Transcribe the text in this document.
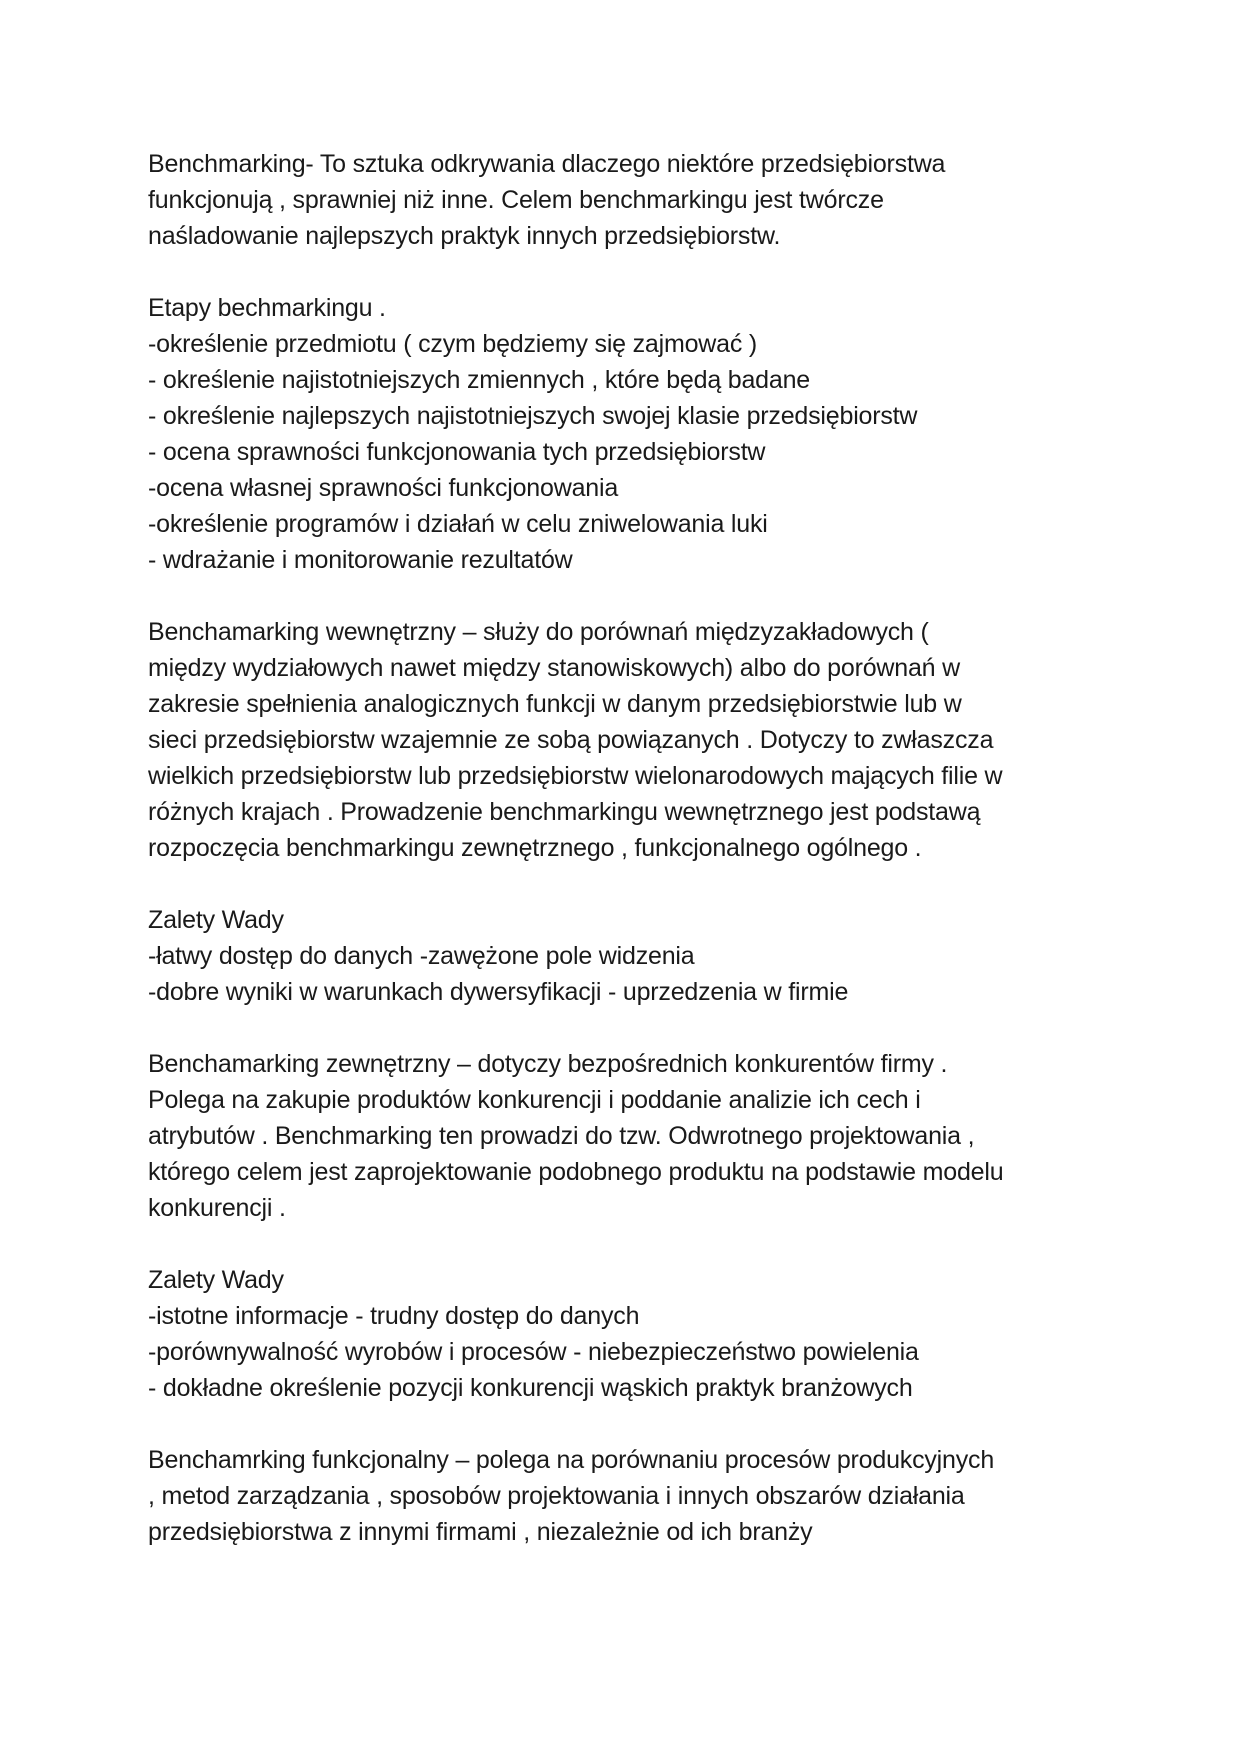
Benchmarking- To sztuka odkrywania dlaczego niektóre przedsiębiorstwa
funkcjonują , sprawniej niż inne. Celem benchmarkingu jest twórcze
naśladowanie najlepszych praktyk innych przedsiębiorstw.
Etapy bechmarkingu .
-określenie przedmiotu ( czym będziemy się zajmować )
- określenie najistotniejszych zmiennych , które będą badane
- określenie najlepszych najistotniejszych swojej klasie przedsiębiorstw
- ocena sprawności funkcjonowania tych przedsiębiorstw
-ocena własnej sprawności funkcjonowania
-określenie programów i działań w celu zniwelowania luki
- wdrażanie i monitorowanie rezultatów
Benchamarking wewnętrzny – służy do porównań międzyzakładowych (
między wydziałowych nawet między stanowiskowych) albo do porównań w
zakresie spełnienia analogicznych funkcji w danym przedsiębiorstwie lub w
sieci przedsiębiorstw wzajemnie ze sobą powiązanych . Dotyczy to zwłaszcza
wielkich przedsiębiorstw lub przedsiębiorstw wielonarodowych mających filie w
różnych krajach . Prowadzenie benchmarkingu wewnętrznego jest podstawą
rozpoczęcia benchmarkingu zewnętrznego , funkcjonalnego ogólnego .
Zalety Wady
-łatwy dostęp do danych -zawężone pole widzenia
-dobre wyniki w warunkach dywersyfikacji - uprzedzenia w firmie
Benchamarking zewnętrzny – dotyczy bezpośrednich konkurentów firmy .
Polega na zakupie produktów konkurencji i poddanie analizie ich cech i
atrybutów . Benchmarking ten prowadzi do tzw. Odwrotnego projektowania ,
którego celem jest zaprojektowanie podobnego produktu na podstawie modelu
konkurencji .
Zalety Wady
-istotne informacje - trudny dostęp do danych
-porównywalność wyrobów i procesów - niebezpieczeństwo powielenia
- dokładne określenie pozycji konkurencji wąskich praktyk branżowych
Benchamrking funkcjonalny – polega na porównaniu procesów produkcyjnych
, metod zarządzania , sposobów projektowania i innych obszarów działania
przedsiębiorstwa z innymi firmami , niezależnie od ich branży
